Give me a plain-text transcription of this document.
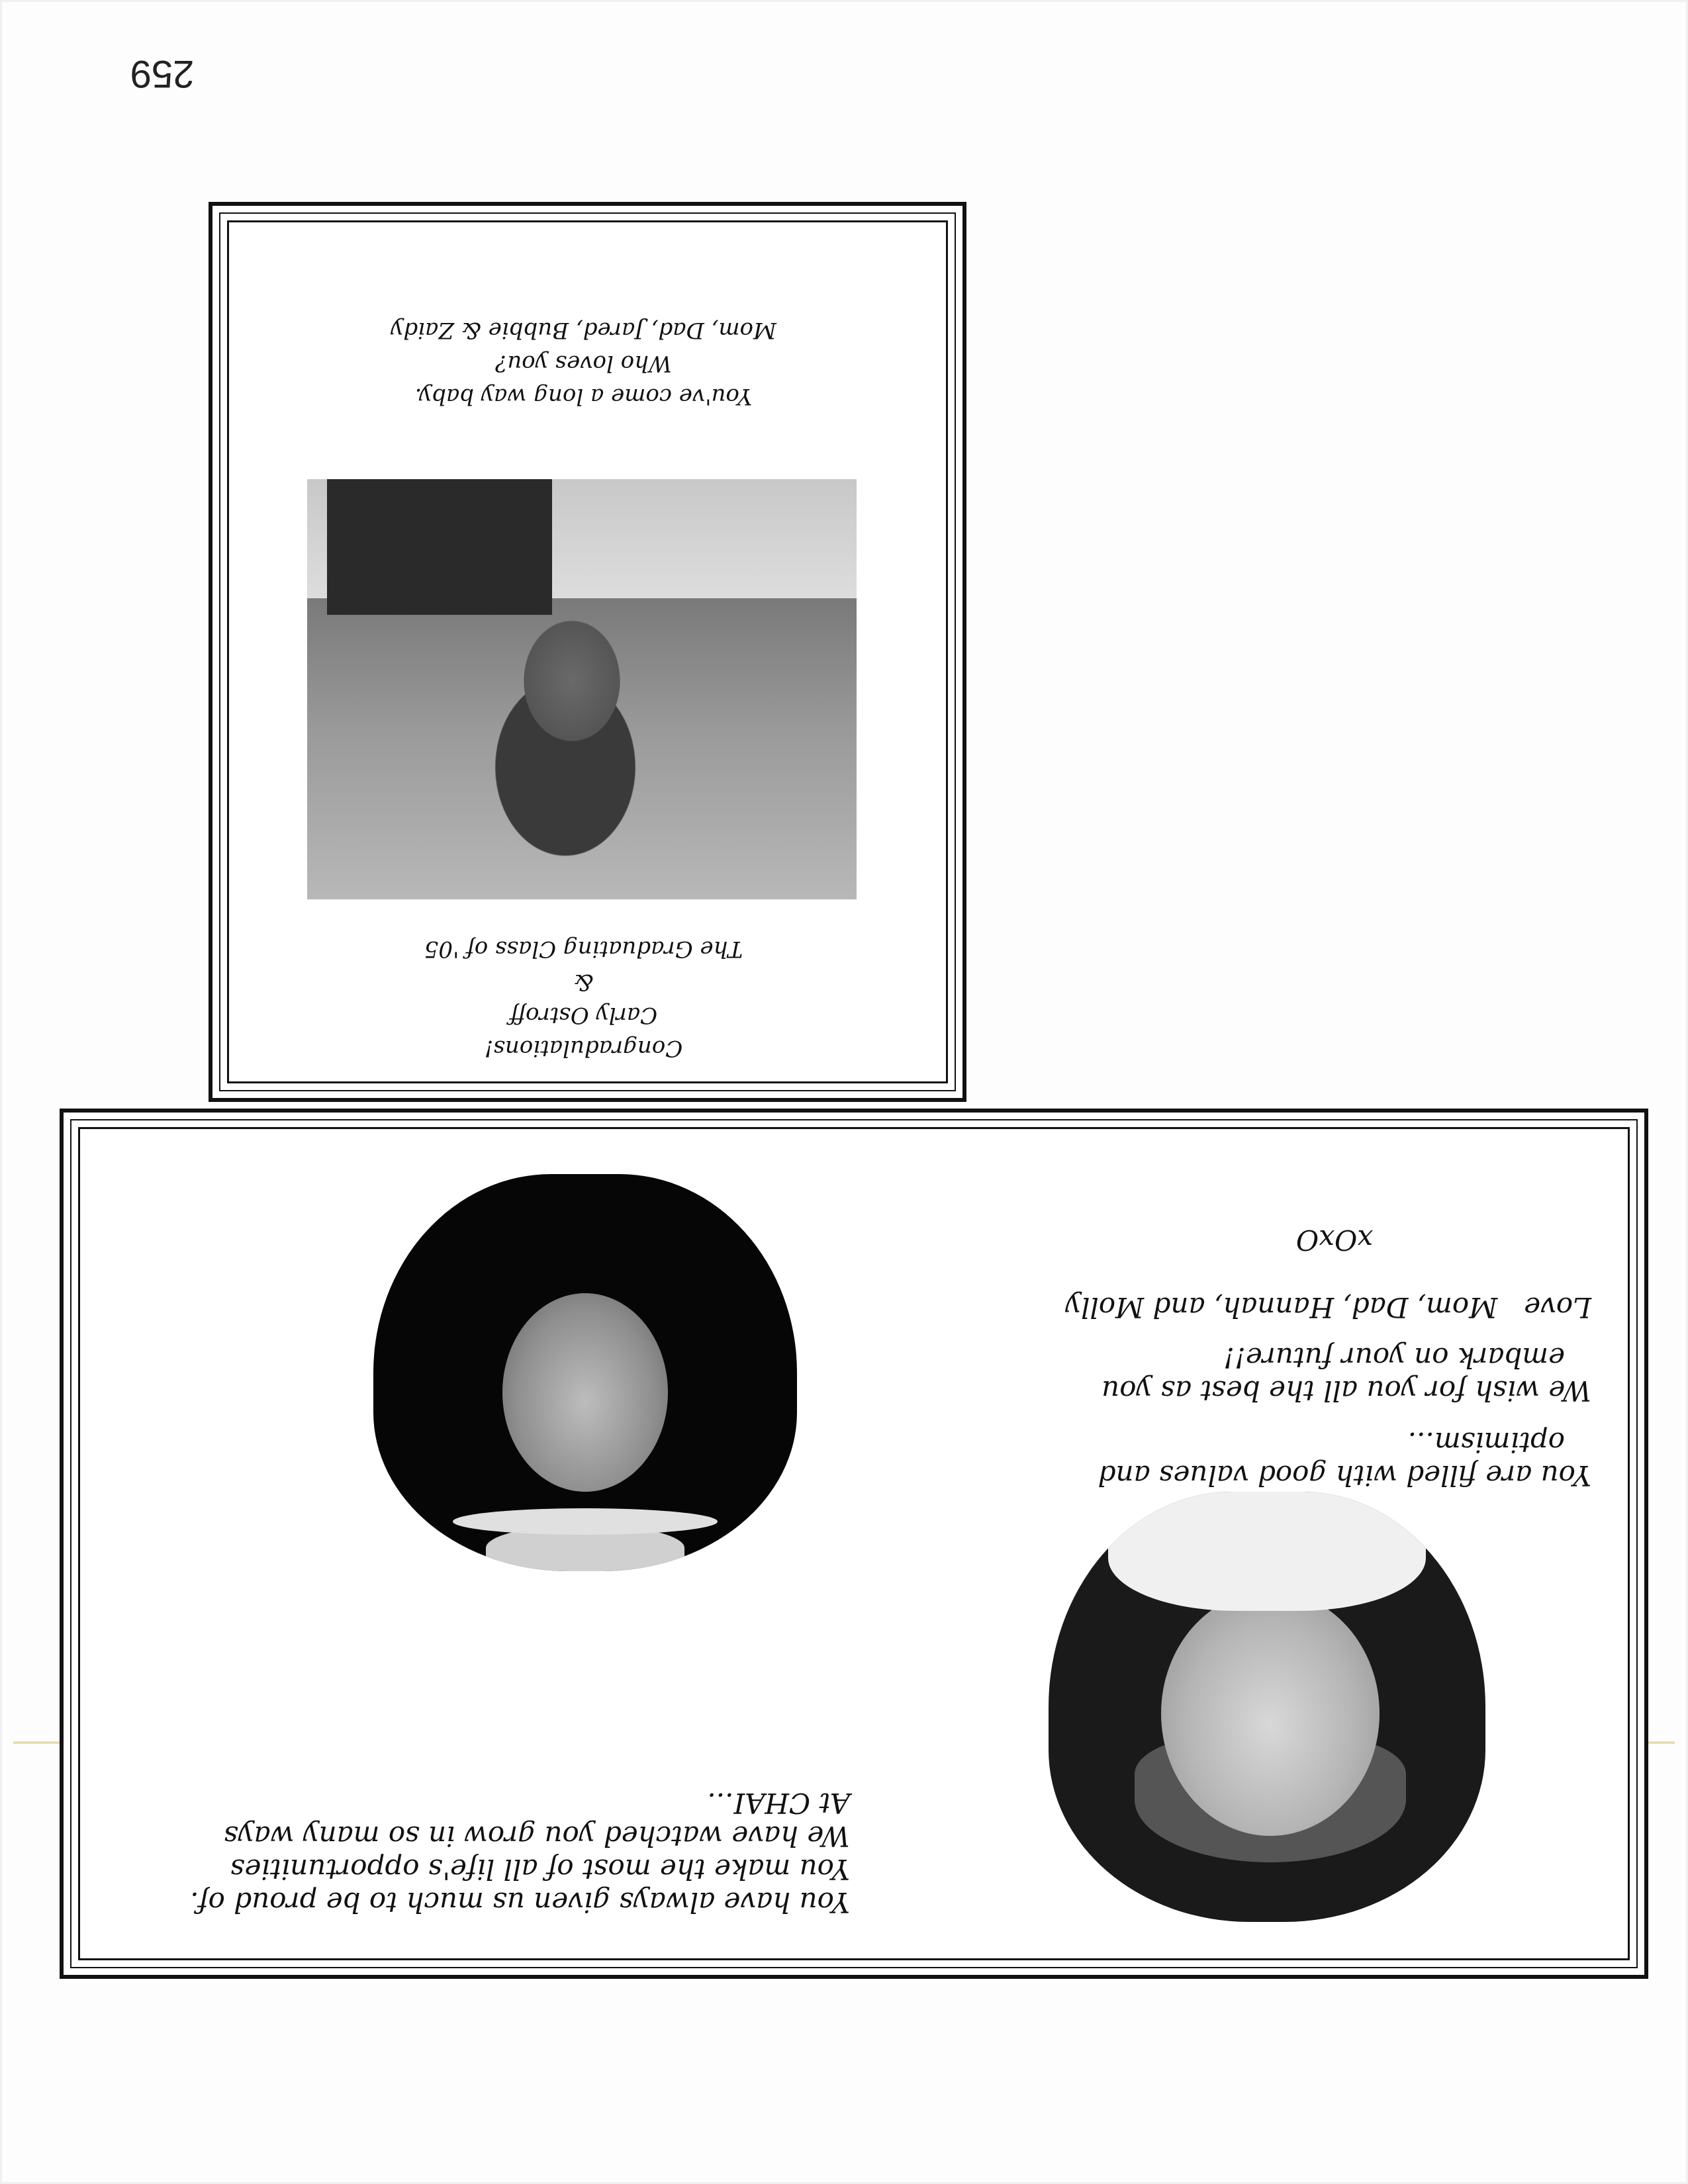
259
Congradulations!
Carly Ostroff
&
The Graduating Class of '05
You've come a long way baby.
Who loves you?
Mom, Dad, Jared, Bubbie & Zaidy
You have always given us much to be proud of.
You make the most of all life's opportunities
We have watched you grow in so many ways
At CHAI...
You are filled with good values and
optimism...
We wish for you all the best as you
embark on your future!!
Love   Mom, Dad, Hannah, and Molly
xOxO
